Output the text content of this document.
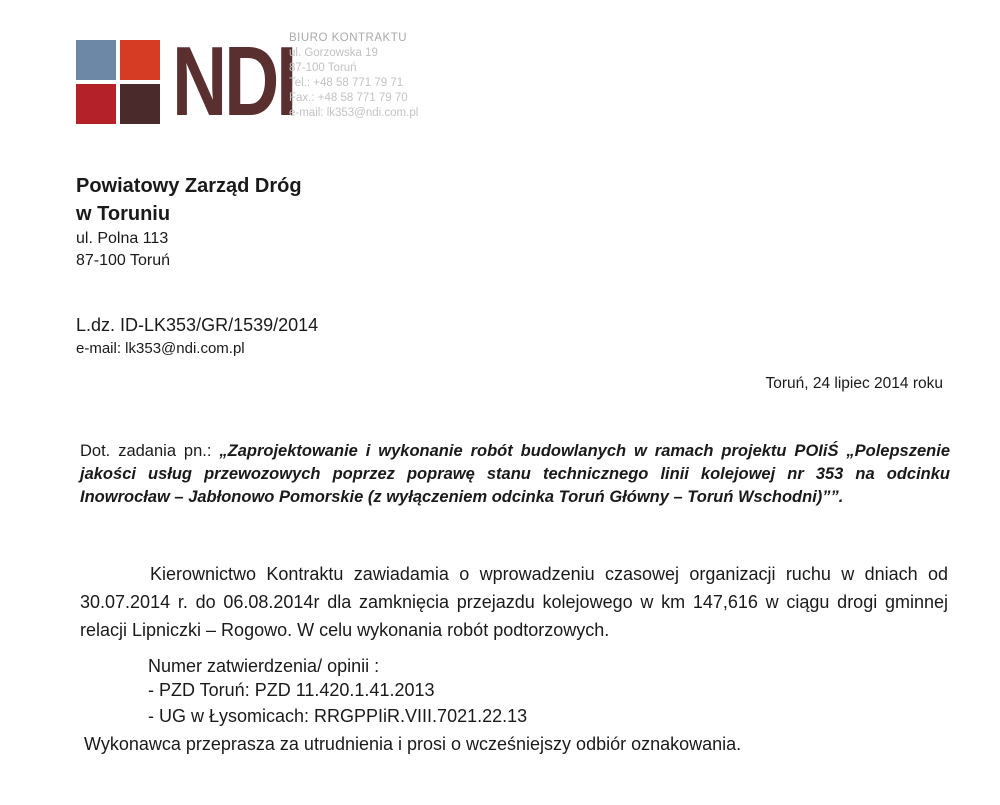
NDI
BIURO KONTRAKTU
ul. Gorzowska 19
87-100 Toruń
Tel.: +48 58 771 79 71
Fax.: +48 58 771 79 70
e-mail: lk353@ndi.com.pl
Powiatowy Zarząd Dróg
w Toruniu
ul. Polna 113
87-100 Toruń
L.dz. ID-LK353/GR/1539/2014
e-mail: lk353@ndi.com.pl
Toruń, 24 lipiec 2014 roku
Dot. zadania pn.: „Zaprojektowanie i wykonanie robót budowlanych w ramach projektu POIiŚ „Polepszenie jakości usług przewozowych poprzez poprawę stanu technicznego linii kolejowej nr 353 na odcinku Inowrocław – Jabłonowo Pomorskie (z wyłączeniem odcinka Toruń Główny – Toruń Wschodni)””.
Kierownictwo Kontraktu zawiadamia o wprowadzeniu czasowej organizacji ruchu w dniach od 30.07.2014 r. do 06.08.2014r dla zamknięcia przejazdu kolejowego w km 147,616 w ciągu drogi gminnej relacji Lipniczki – Rogowo. W celu wykonania robót podtorzowych.
Numer zatwierdzenia/ opinii :
- PZD Toruń: PZD 11.420.1.41.2013
- UG w Łysomicach: RRGPPIiR.VIII.7021.22.13
Wykonawca przeprasza za utrudnienia i prosi o wcześniejszy odbiór oznakowania.
